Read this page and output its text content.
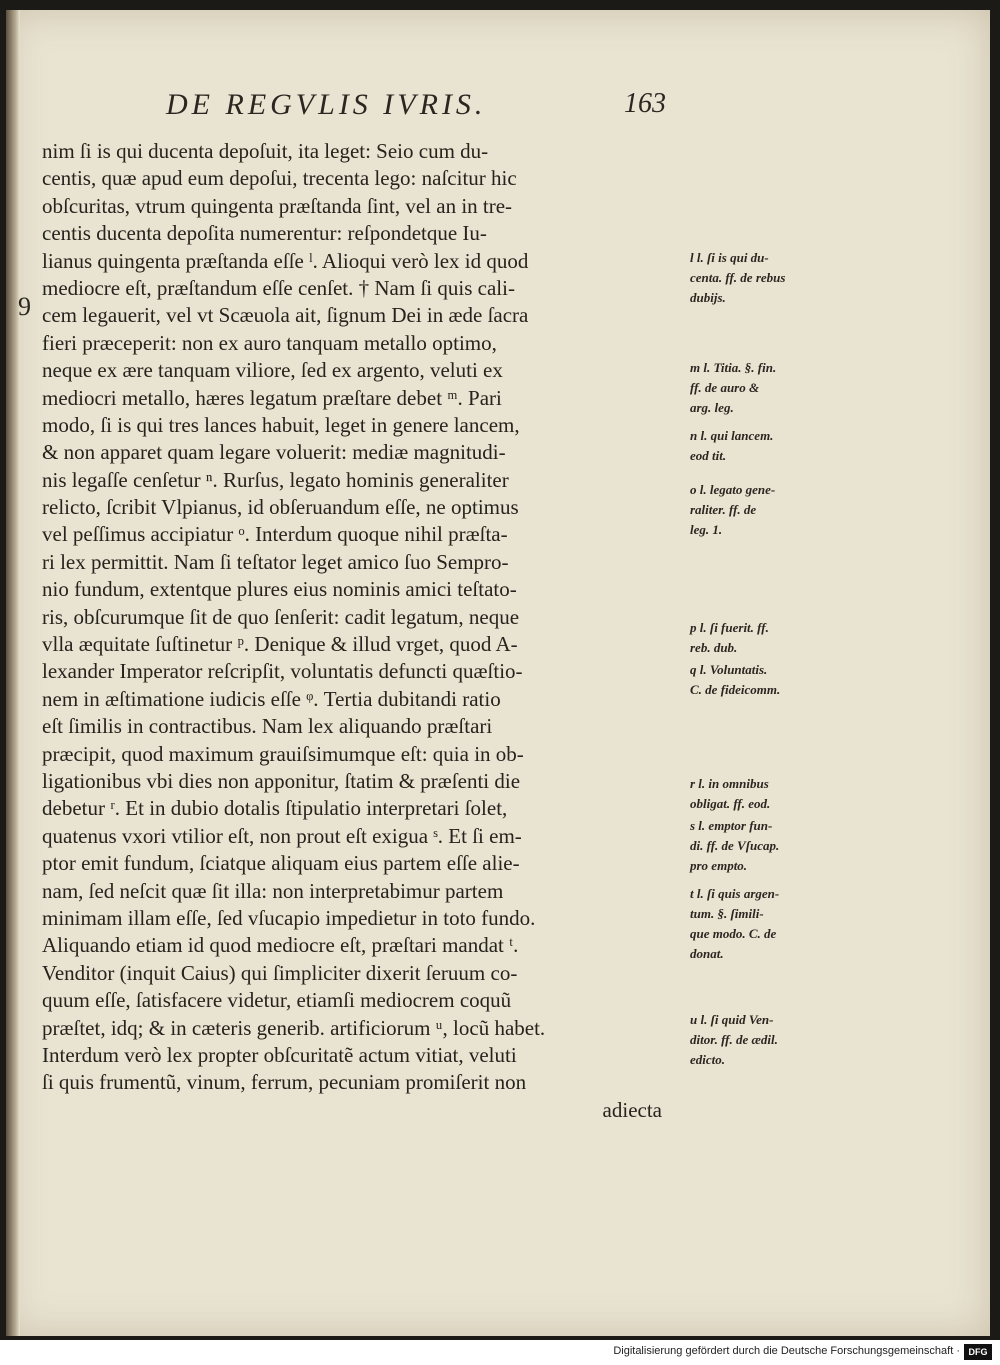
DE REGVLIS IVRIS.	163
9
nim ſi is qui ducenta depoſuit, ita leget: Seio cum du-
centis, quæ apud eum depoſui, trecenta lego: naſcitur hic
obſcuritas, vtrum quingenta præſtanda ſint, vel an in tre-
centis ducenta depoſita numerentur: reſpondetque Iu-
lianus quingenta præſtanda eſſe ˡ. Alioqui verò lex id quod
mediocre eſt, præſtandum eſſe cenſet. † Nam ſi quis cali-
cem legauerit, vel vt Scæuola ait, ſignum Dei in æde ſacra
fieri præceperit: non ex auro tanquam metallo optimo,
neque ex ære tanquam viliore, ſed ex argento, veluti ex
mediocri metallo, hæres legatum præſtare debet ᵐ. Pari
modo, ſi is qui tres lances habuit, leget in genere lancem,
& non apparet quam legare voluerit: mediæ magnitudi-
nis legaſſe cenſetur ⁿ. Rurſus, legato hominis generaliter
relicto, ſcribit Vlpianus, id obſeruandum eſſe, ne optimus
vel peſſimus accipiatur ᵒ. Interdum quoque nihil præſta-
ri lex permittit. Nam ſi teſtator leget amico ſuo Sempro-
nio fundum, extentque plures eius nominis amici teſtato-
ris, obſcurumque ſit de quo ſenſerit: cadit legatum, neque
vlla æquitate ſuſtinetur ᵖ. Denique & illud vrget, quod A-
lexander Imperator reſcripſit, voluntatis defuncti quæſtio-
nem in æſtimatione iudicis eſſe ᵠ. Tertia dubitandi ratio
eſt ſimilis in contractibus. Nam lex aliquando præſtari
præcipit, quod maximum grauiſsimumque eſt: quia in ob-
ligationibus vbi dies non apponitur, ſtatim & præſenti die
debetur ʳ. Et in dubio dotalis ſtipulatio interpretari ſolet,
quatenus vxori vtilior eſt, non prout eſt exigua ˢ. Et ſi em-
ptor emit fundum, ſciatque aliquam eius partem eſſe alie-
nam, ſed neſcit quæ ſit illa: non interpretabimur partem
minimam illam eſſe, ſed vſucapio impedietur in toto fundo.
Aliquando etiam id quod mediocre eſt, præſtari mandat ᵗ.
Venditor (inquit Caius) qui ſimpliciter dixerit ſeruum co-
quum eſſe, ſatisfacere videtur, etiamſi mediocrem coquũ
præſtet, idq; & in cæteris generib. artificiorum ᵘ, locũ habet.
Interdum verò lex propter obſcuritatẽ actum vitiat, veluti
ſi quis frumentũ, vinum, ferrum, pecuniam promiſerit non
adiecta
l l. ſi is qui du-
centa. ff. de rebus
dubijs.
m l. Titia. §. fin.
ff. de auro &
arg. leg.
n l. qui lancem.
eod tit.
o l. legato gene-
raliter. ff. de
leg. 1.
p l. ſi fuerit. ff.
reb. dub.
q l. Voluntatis.
C. de fideicomm.
r l. in omnibus
obligat. ff. eod.
s l. emptor fun-
di. ff. de Vſucap.
pro empto.
t l. ſi quis argen-
tum. §. ſimili-
que modo. C. de
donat.
u l. ſi quid Ven-
ditor. ff. de ædil.
edicto.
Digitalisierung gefördert durch die Deutsche Forschungsgemeinschaft · DFG
